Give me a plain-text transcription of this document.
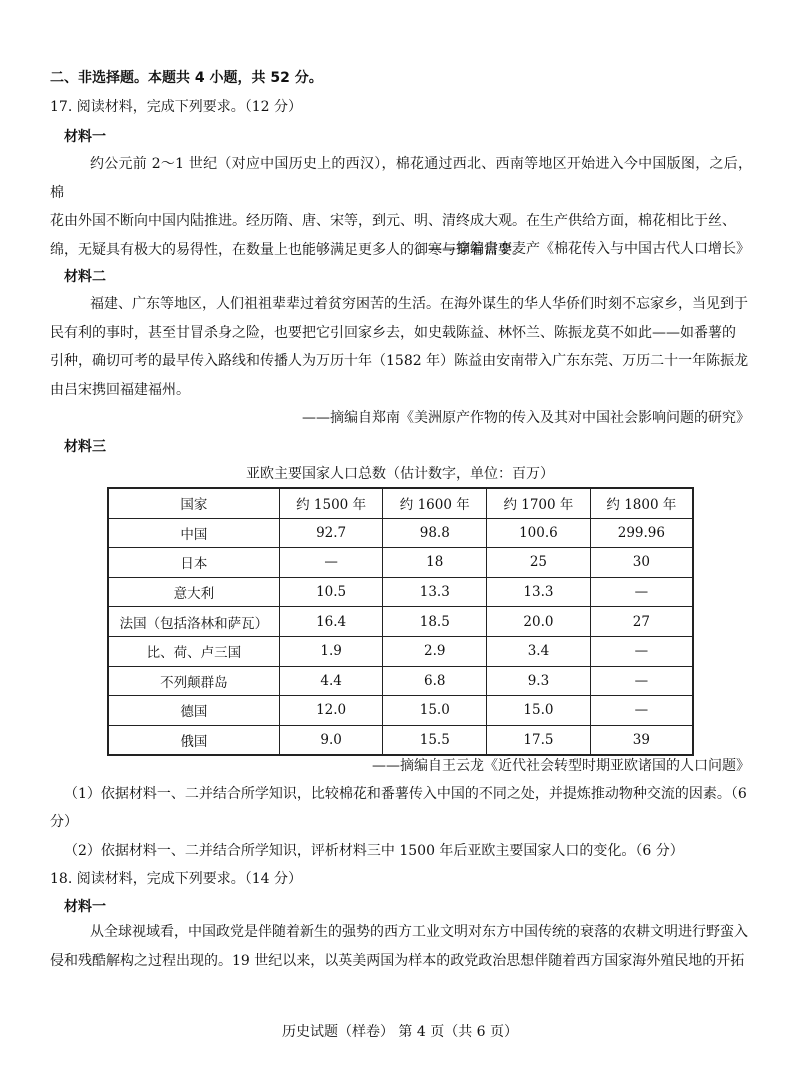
二、非选择题。本题共 4 小题，共 52 分。
17. 阅读材料，完成下列要求。（12 分）
材料一
约公元前 2～1 世纪（对应中国历史上的西汉），棉花通过西北、西南等地区开始进入今中国版图，之后，棉
花由外国不断向中国内陆推进。经历隋、唐、宋等，到元、明、清终成大观。在生产供给方面，棉花相比于丝、
绵，无疑具有极大的易得性，在数量上也能够满足更多人的御寒与穿着需要。
——摘编自李麦产《棉花传入与中国古代人口增长》
材料二
福建、广东等地区，人们祖祖辈辈过着贫穷困苦的生活。在海外谋生的华人华侨们时刻不忘家乡，当见到于
民有利的事时，甚至甘冒杀身之险，也要把它引回家乡去，如史载陈益、林怀兰、陈振龙莫不如此——如番薯的
引种，确切可考的最早传入路线和传播人为万历十年（1582 年）陈益由安南带入广东东莞、万历二十一年陈振龙
由吕宋携回福建福州。
——摘编自郑南《美洲原产作物的传入及其对中国社会影响问题的研究》
材料三
亚欧主要国家人口总数（估计数字，单位：百万）
国家	约 1500 年	约 1600 年	约 1700 年	约 1800 年
中国	92.7	98.8	100.6	299.96
日本	—	18	25	30
意大利	10.5	13.3	13.3	—
法国（包括洛林和萨瓦）	16.4	18.5	20.0	27
比、荷、卢三国	1.9	2.9	3.4	—
不列颠群岛	4.4	6.8	9.3	—
德国	12.0	15.0	15.0	—
俄国	9.0	15.5	17.5	39
——摘编自王云龙《近代社会转型时期亚欧诸国的人口问题》
（1）依据材料一、二并结合所学知识，比较棉花和番薯传入中国的不同之处，并提炼推动物种交流的因素。（6
分）
（2）依据材料一、二并结合所学知识，评析材料三中 1500 年后亚欧主要国家人口的变化。（6 分）
18. 阅读材料，完成下列要求。（14 分）
材料一
从全球视域看，中国政党是伴随着新生的强势的西方工业文明对东方中国传统的衰落的农耕文明进行野蛮入
侵和残酷解构之过程出现的。19 世纪以来，以英美两国为样本的政党政治思想伴随着西方国家海外殖民地的开拓
历史试题（样卷） 第 4 页（共 6 页）
